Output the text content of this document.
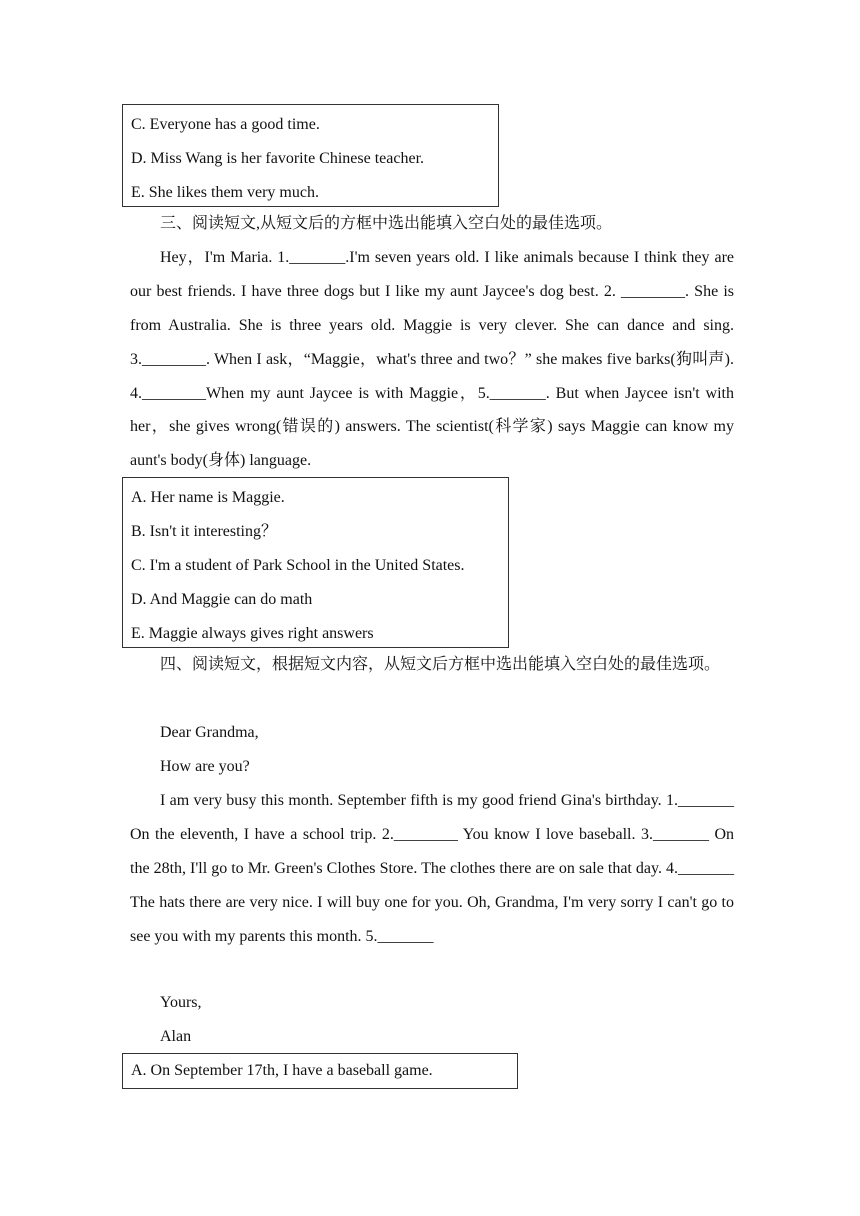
C. Everyone has a good time.
D. Miss Wang is her favorite Chinese teacher.
E. She likes them very much.

三、阅读短文,从短文后的方框中选出能填入空白处的最佳选项。

Hey，I'm Maria. 1._______.I'm seven years old. I like animals because I think they are our best friends. I have three dogs but I like my aunt Jaycee's dog best. 2. ________. She is from Australia. She is three years old. Maggie is very clever. She can dance and sing. 3.________. When I ask，“Maggie，what's three and two？” she makes five barks(狗叫声). 4.________When my aunt Jaycee is with Maggie，5._______. But when Jaycee isn't with her，she gives wrong(错误的) answers. The scientist(科学家) says Maggie can know my aunt's body(身体) language.

A. Her name is Maggie.
B. Isn't it interesting？
C. I'm a student of Park School in the United States.
D. And Maggie can do math
E. Maggie always gives right answers

四、阅读短文，根据短文内容，从短文后方框中选出能填入空白处的最佳选项。

Dear Grandma,
How are you?

I am very busy this month. September fifth is my good friend Gina's birthday. 1._______ On the eleventh, I have a school trip. 2.________ You know I love baseball. 3._______ On the 28th, I'll go to Mr. Green's Clothes Store. The clothes there are on sale that day. 4._______ The hats there are very nice. I will buy one for you. Oh, Grandma, I'm very sorry I can't go to see you with my parents this month. 5._______

Yours,
Alan
A. On September 17th, I have a baseball game.
